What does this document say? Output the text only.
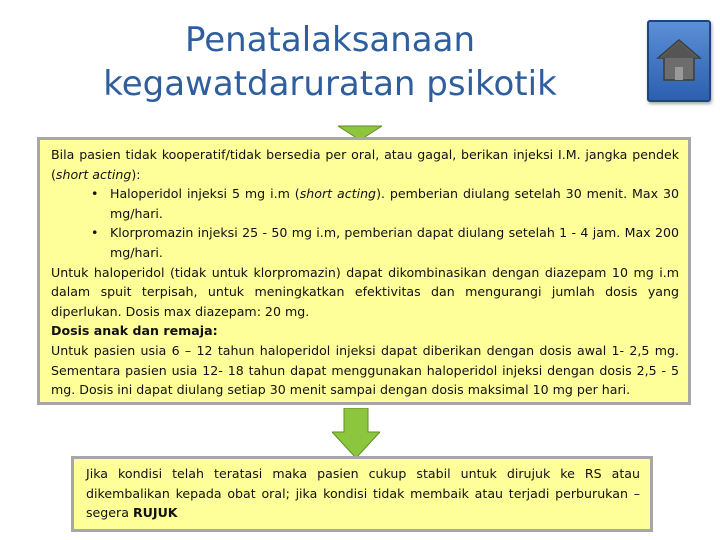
Penatalaksanaan
kegawatdaruratan psikotik

Bila pasien tidak kooperatif/tidak bersedia per oral, atau gagal, berikan injeksi I.M. jangka pendek (short acting):

• Haloperidol injeksi 5 mg i.m (short acting). pemberian diulang setelah 30 menit. Max 30 mg/hari.

• Klorpromazin injeksi 25 - 50 mg i.m, pemberian dapat diulang setelah 1 - 4 jam. Max 200 mg/hari.

Untuk haloperidol (tidak untuk klorpromazin) dapat dikombinasikan dengan diazepam 10 mg i.m dalam spuit terpisah, untuk meningkatkan efektivitas dan mengurangi jumlah dosis yang diperlukan. Dosis max diazepam: 20 mg.

Dosis anak dan remaja:

Untuk pasien usia 6 – 12 tahun haloperidol injeksi dapat diberikan dengan dosis awal 1- 2,5 mg. Sementara pasien usia 12- 18 tahun dapat menggunakan haloperidol injeksi dengan dosis 2,5 - 5 mg. Dosis ini dapat diulang setiap 30 menit sampai dengan dosis maksimal 10 mg per hari.

Jika kondisi telah teratasi maka pasien cukup stabil untuk dirujuk ke RS atau dikembalikan kepada obat oral; jika kondisi tidak membaik atau terjadi perburukan – segera RUJUK
